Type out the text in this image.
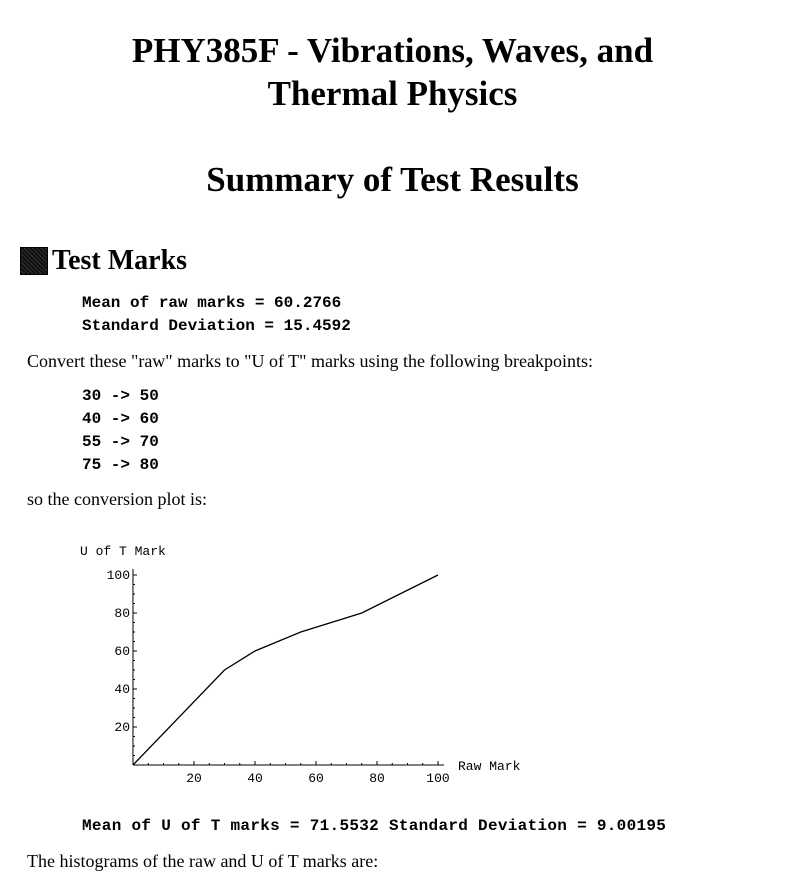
PHY385F - Vibrations, Waves, and
Thermal Physics
Summary of Test Results
Test Marks
Mean of raw marks = 60.2766
Standard Deviation = 15.4592

Convert these "raw" marks to "U of T" marks using the following breakpoints:

30 -> 50
40 -> 60
55 -> 70
75 -> 80

so the conversion plot is:

20	40	60	80	100
20
40
60
80
100
Raw Mark
U of T Mark
Mean of U of T marks = 71.5532 Standard Deviation = 9.00195

The histograms of the raw and U of T marks are:
